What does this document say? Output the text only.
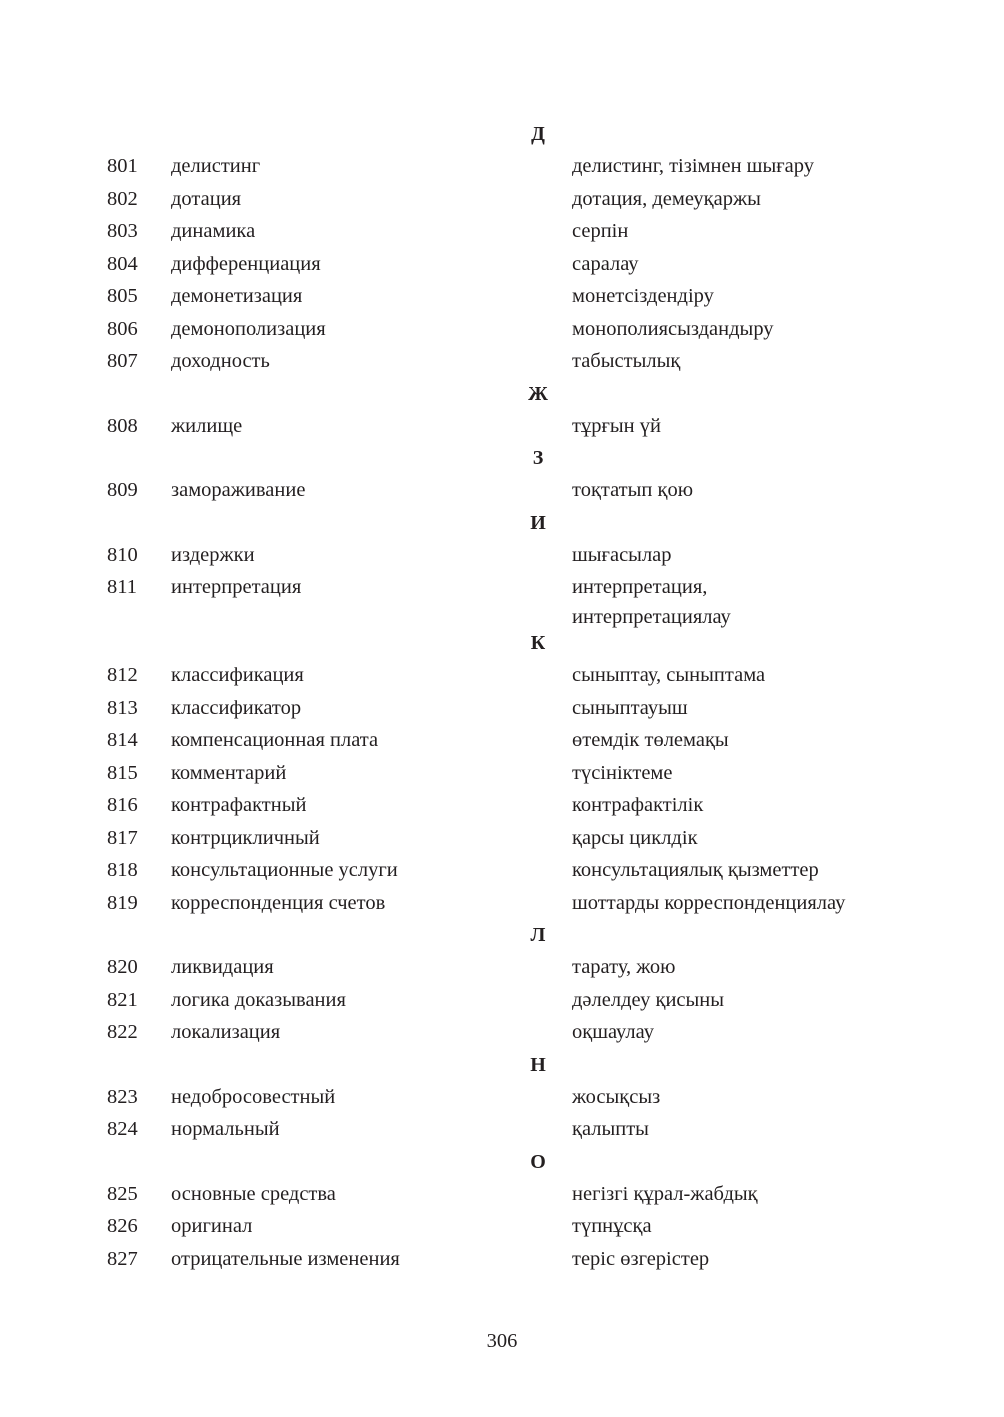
Д
801 делистинг	делистинг, тізімнен шығару
802 дотация	дотация, демеуқаржы
803 динамика	серпін
804 дифференциация	саралау
805 демонетизация	монетсіздендіру
806 демонополизация	монополиясыздандыру
807 доходность	табыстылық
Ж
808 жилище	тұрғын үй
З
809 замораживание	тоқтатып қою
И
810 издержки	шығасылар
811 интерпретация	интерпретация,
интерпретациялау
К
812 классификация	сыныптау, сыныптама
813 классификатор	сыныптауыш
814 компенсационная плата	өтемдік төлемақы
815 комментарий	түсініктеме
816 контрафактный	контрафактілік
817 контрцикличный	қарсы циклдік
818 консультационные услуги	консультациялық қызметтер
819 корреспонденция счетов	шоттарды корреспонденциялау
Л
820 ликвидация	тарату, жою
821 логика доказывания	дәлелдеу қисыны
822 локализация	оқшаулау
Н
823 недобросовестный	жосықсыз
824 нормальный	қалыпты
О
825 основные средства	негізгі құрал-жабдық
826 оригинал	түпнұсқа
827 отрицательные изменения	теріс өзгерістер
306
